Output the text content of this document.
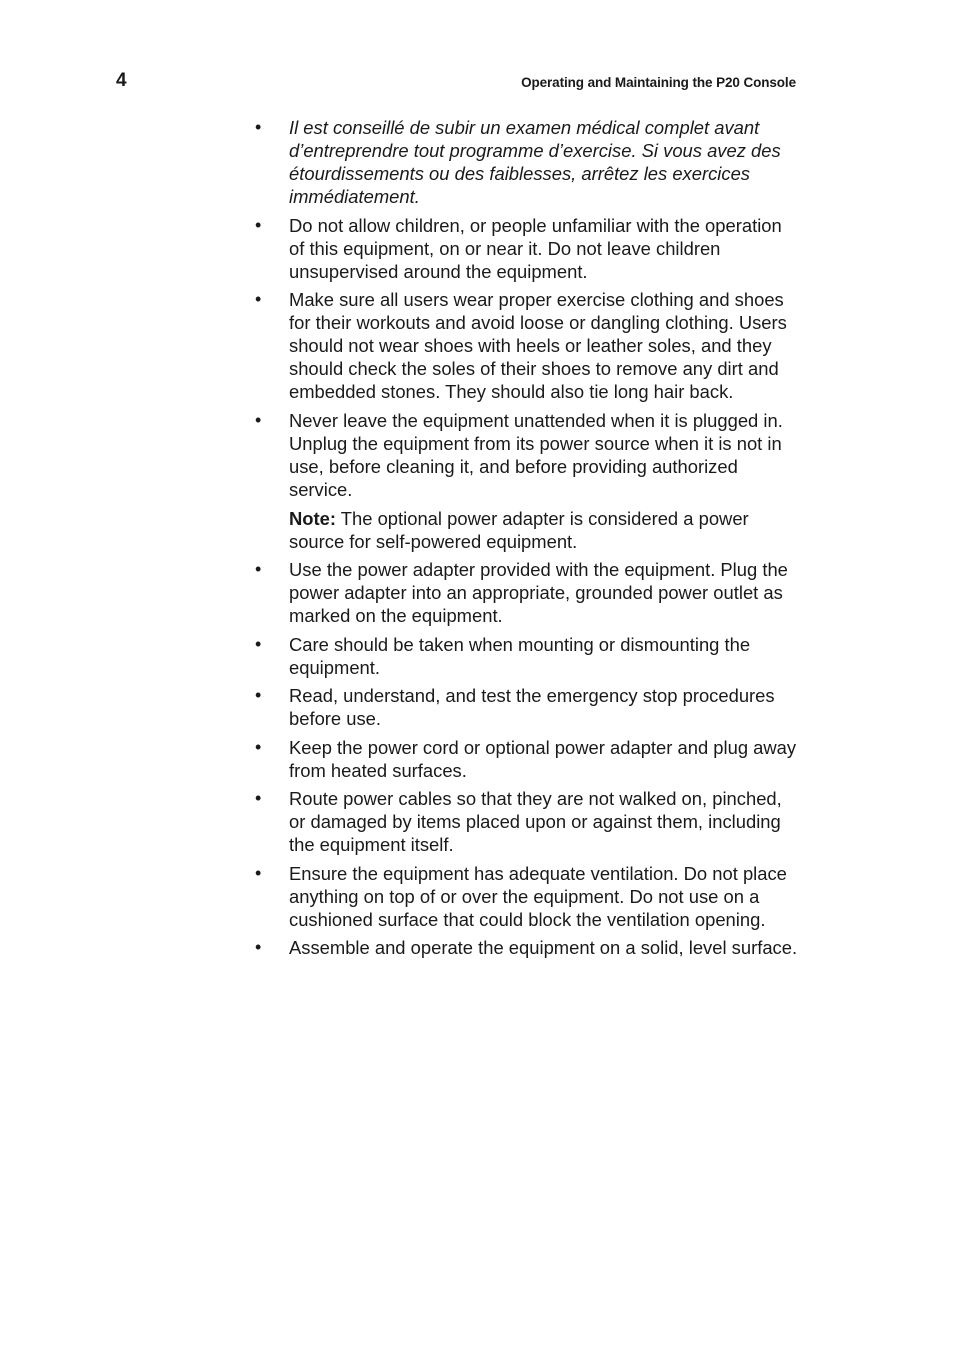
4	Operating and Maintaining the P20 Console
•	Il est conseillé de subir un examen médical complet avant d’entreprendre tout programme d’exercise. Si vous avez des étourdissements ou des faiblesses, arrêtez les exercices immédiatement.
•	Do not allow children, or people unfamiliar with the operation of this equipment, on or near it. Do not leave children unsupervised around the equipment.
•	Make sure all users wear proper exercise clothing and shoes for their workouts and avoid loose or dangling clothing. Users should not wear shoes with heels or leather soles, and they should check the soles of their shoes to remove any dirt and embedded stones. They should also tie long hair back.
•	Never leave the equipment unattended when it is plugged in. Unplug the equipment from its power source when it is not in use, before cleaning it, and before providing authorized service.
Note: The optional power adapter is considered a power source for self-powered equipment.
•	Use the power adapter provided with the equipment. Plug the power adapter into an appropriate, grounded power outlet as marked on the equipment.
•	Care should be taken when mounting or dismounting the equipment.
•	Read, understand, and test the emergency stop procedures before use.
•	Keep the power cord or optional power adapter and plug away from heated surfaces.
•	Route power cables so that they are not walked on, pinched, or damaged by items placed upon or against them, including the equipment itself.
•	Ensure the equipment has adequate ventilation. Do not place anything on top of or over the equipment. Do not use on a cushioned surface that could block the ventilation opening.
•	Assemble and operate the equipment on a solid, level surface.
